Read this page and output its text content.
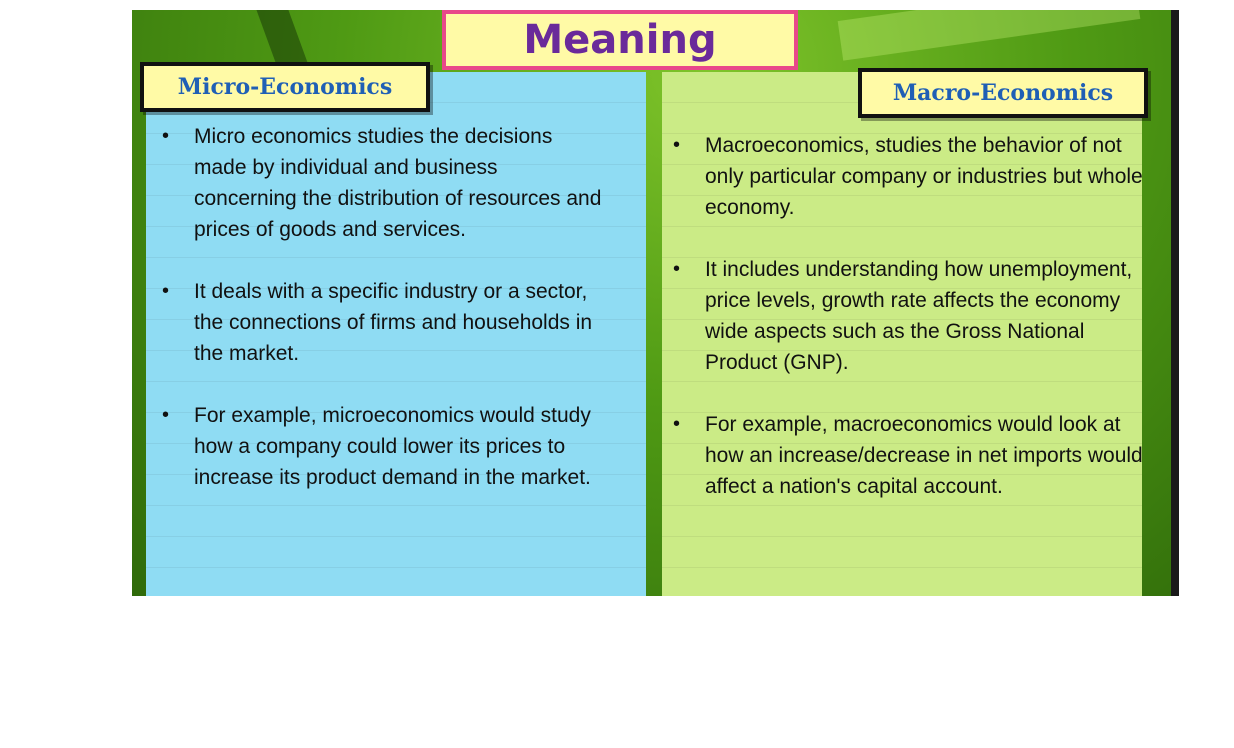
Meaning
Micro-Economics	Macro-Economics
• Micro economics studies the decisions made by individual and business concerning the distribution of resources and prices of goods and services.
• It deals with a specific industry or a sector, the connections of firms and households in the market.
• For example, microeconomics would study how a company could lower its prices to increase its product demand in the market.
• Macroeconomics, studies the behavior of not only particular company or industries but whole economy.
• It includes understanding how unemployment, price levels, growth rate affects the economy wide aspects such as the Gross National Product (GNP).
• For example, macroeconomics would look at how an increase/decrease in net imports would affect a nation's capital account.
